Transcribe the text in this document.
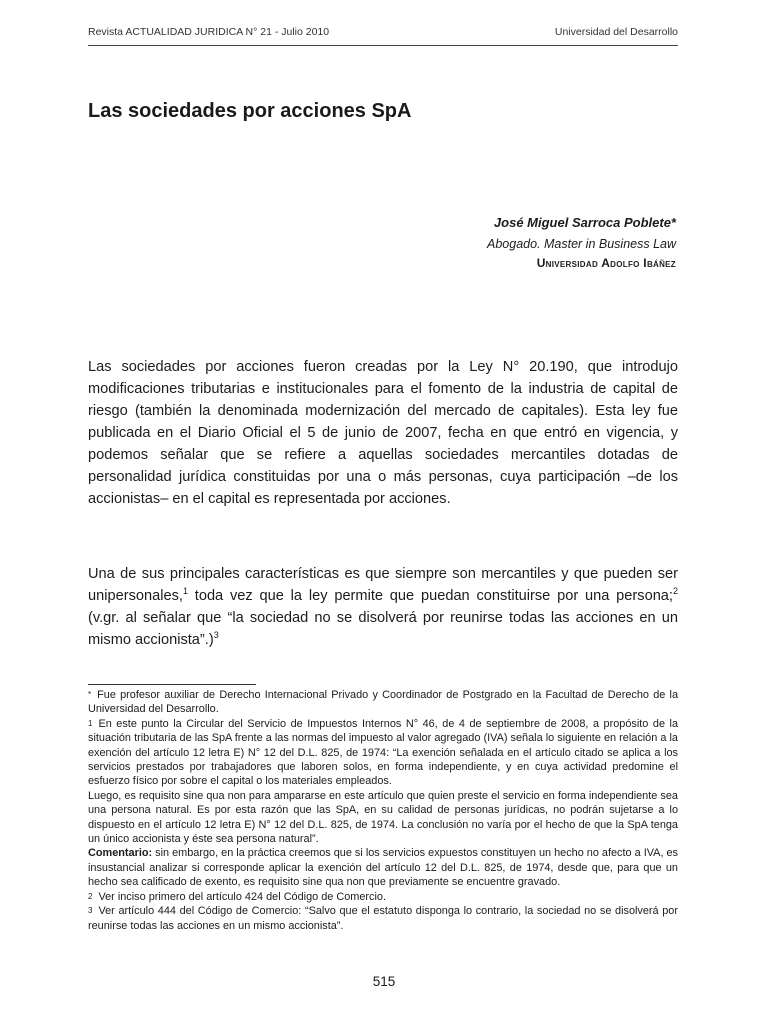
Revista ACTUALIDAD JURIDICA N° 21 - Julio 2010	Universidad del Desarrollo
Las sociedades por acciones SpA
José Miguel Sarroca Poblete*
Abogado. Master in Business Law
Universidad Adolfo Ibáñez

Las sociedades por acciones fueron creadas por la Ley N° 20.190, que introdujo modificaciones tributarias e institucionales para el fomento de la industria de capital de riesgo (también la denominada modernización del mercado de capitales). Esta ley fue publicada en el Diario Oficial el 5 de junio de 2007, fecha en que entró en vigencia, y podemos señalar que se refiere a aquellas sociedades mercantiles dotadas de personalidad jurídica constituidas por una o más personas, cuya participación –de los accionistas– en el capital es representada por acciones.

Una de sus principales características es que siempre son mercantiles y que pueden ser unipersonales,$^1$ toda vez que la ley permite que puedan constituirse por una persona;$^2$ (v.gr. al señalar que “la sociedad no se disolverá por reunirse todas las acciones en un mismo accionista”.)$^3$

* Fue profesor auxiliar de Derecho Internacional Privado y Coordinador de Postgrado en la Facultad de Derecho de la Universidad del Desarrollo.

$^1$ En este punto la Circular del Servicio de Impuestos Internos N° 46, de 4 de septiembre de 2008, a propósito de la situación tributaria de las SpA frente a las normas del impuesto al valor agregado (IVA) señala lo siguiente en relación a la exención del artículo 12 letra E) N° 12 del D.L. 825, de 1974: “La exención señalada en el artículo citado se aplica a los servicios prestados por trabajadores que laboren solos, en forma independiente, y en cuya actividad predomine el esfuerzo físico por sobre el capital o los materiales empleados.

Luego, es requisito sine qua non para ampararse en este artículo que quien preste el servicio en forma independiente sea una persona natural. Es por esta razón que las SpA, en su calidad de personas jurídicas, no podrán sujetarse a lo dispuesto en el artículo 12 letra E) N° 12 del D.L. 825, de 1974. La conclusión no varía por el hecho de que la SpA tenga un único accionista y éste sea persona natural”.

Comentario: sin embargo, en la práctica creemos que si los servicios expuestos constituyen un hecho no afecto a IVA, es insustancial analizar si corresponde aplicar la exención del artículo 12 del D.L. 825, de 1974, desde que, para que un hecho sea calificado de exento, es requisito sine qua non que previamente se encuentre gravado.

$^2$ Ver inciso primero del artículo 424 del Código de Comercio.

$^3$ Ver artículo 444 del Código de Comercio: “Salvo que el estatuto disponga lo contrario, la sociedad no se disolverá por reunirse todas las acciones en un mismo accionista”.

515
